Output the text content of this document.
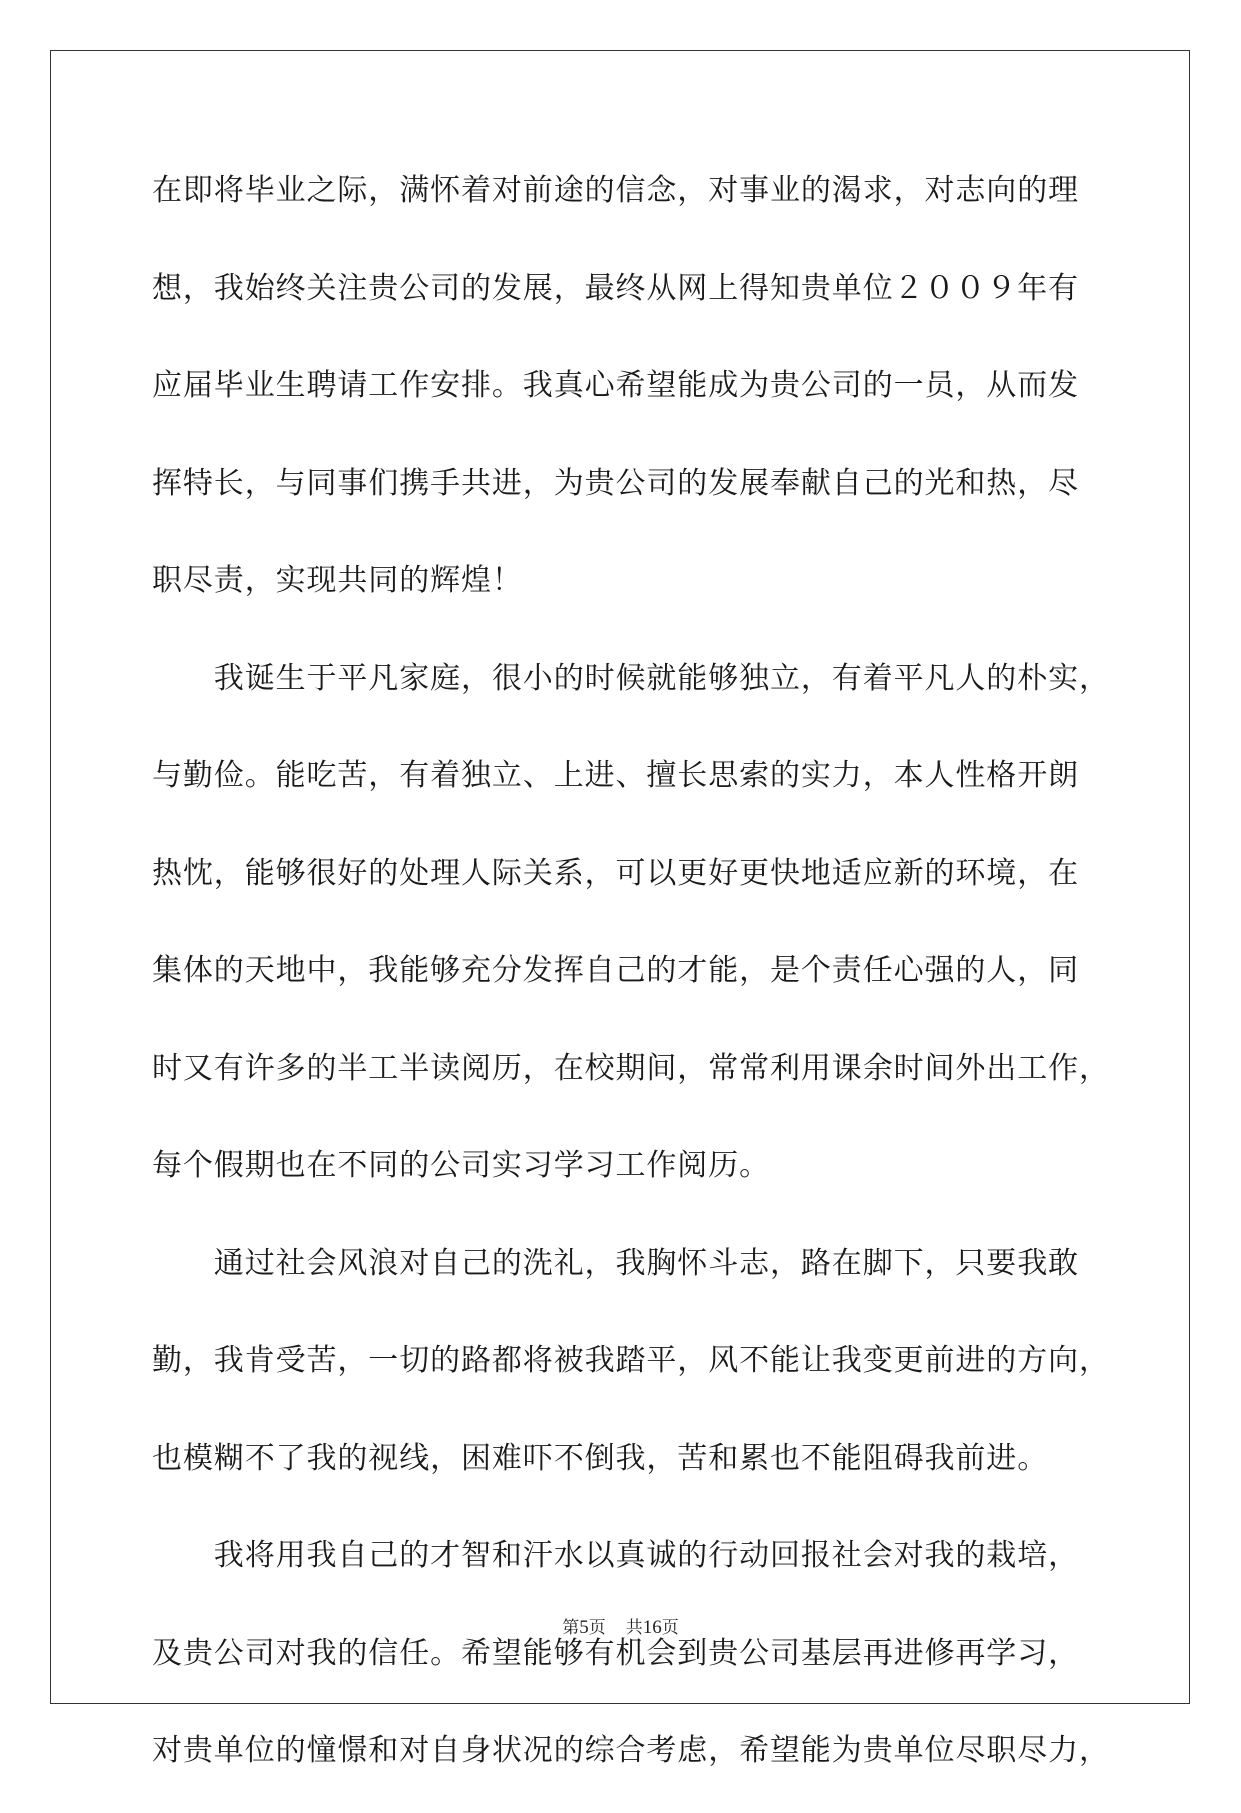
在即将毕业之际，满怀着对前途的信念，对事业的渴求，对志向的理
想，我始终关注贵公司的发展，最终从网上得知贵单位２００９年有
应届毕业生聘请工作安排。我真心希望能成为贵公司的一员，从而发
挥特长，与同事们携手共进，为贵公司的发展奉献自己的光和热，尽
职尽责，实现共同的辉煌！
　　我诞生于平凡家庭，很小的时候就能够独立，有着平凡人的朴实，
与勤俭。能吃苦，有着独立、上进、擅长思索的实力，本人性格开朗
热忱，能够很好的处理人际关系，可以更好更快地适应新的环境，在
集体的天地中，我能够充分发挥自己的才能，是个责任心强的人，同
时又有许多的半工半读阅历，在校期间，常常利用课余时间外出工作，
每个假期也在不同的公司实习学习工作阅历。
　　通过社会风浪对自己的洗礼，我胸怀斗志，路在脚下，只要我敢
勤，我肯受苦，一切的路都将被我踏平，风不能让我变更前进的方向，
也模糊不了我的视线，困难吓不倒我，苦和累也不能阻碍我前进。
　　我将用我自己的才智和汗水以真诚的行动回报社会对我的栽培，
及贵公司对我的信任。希望能够有机会到贵公司基层再进修再学习，
对贵单位的憧憬和对自身状况的综合考虑，希望能为贵单位尽职尽力，
第5页 共16页
